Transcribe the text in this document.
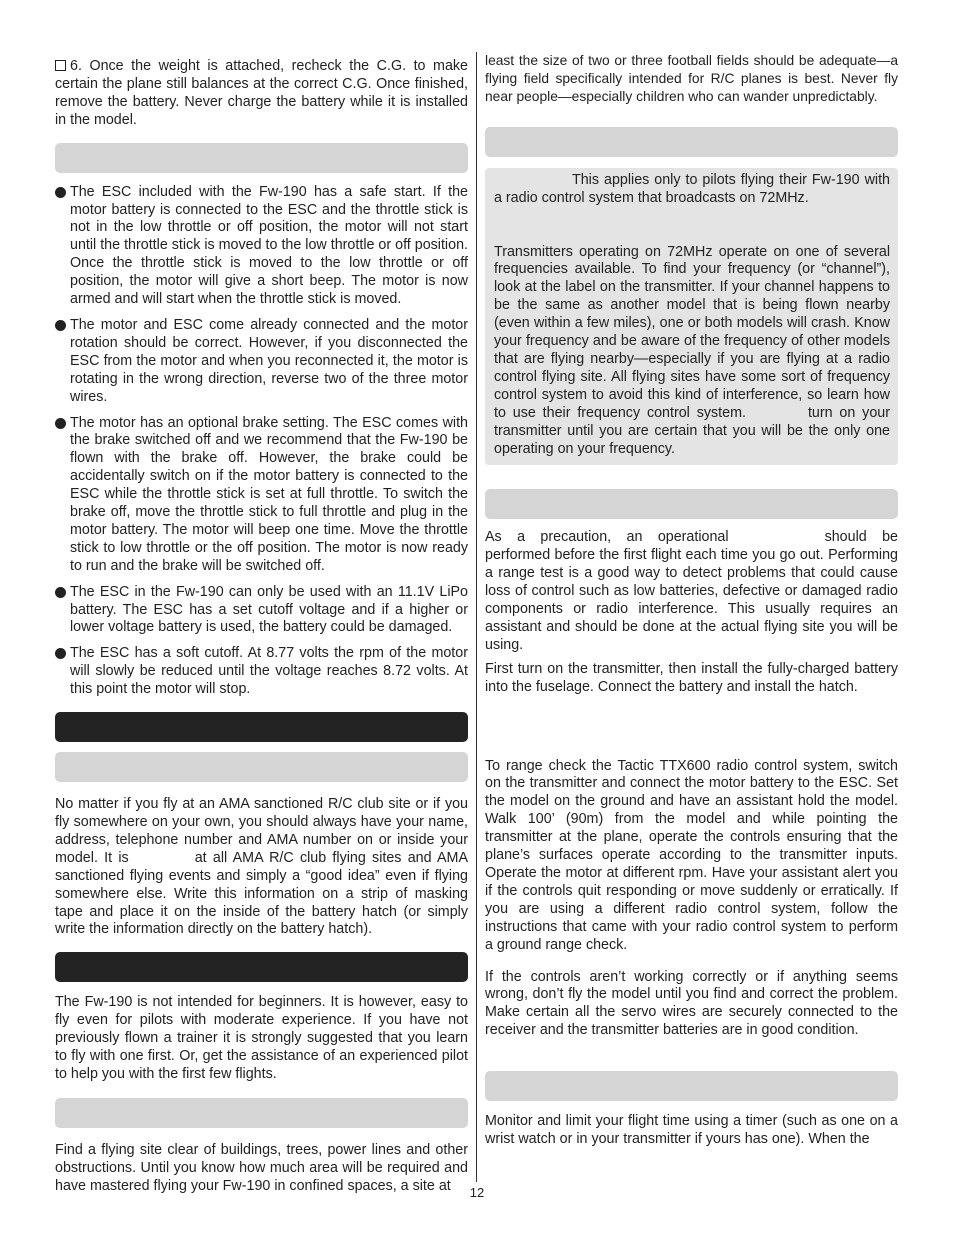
6. Once the weight is attached, recheck the C.G. to make certain the plane still balances at the correct C.G. Once finished, remove the battery. Never charge the battery while it is installed in the model.

The ESC included with the Fw-190 has a safe start. If the motor battery is connected to the ESC and the throttle stick is not in the low throttle or off position, the motor will not start until the throttle stick is moved to the low throttle or off position. Once the throttle stick is moved to the low throttle or off position, the motor will give a short beep. The motor is now armed and will start when the throttle stick is moved.

The motor and ESC come already connected and the motor rotation should be correct. However, if you disconnected the ESC from the motor and when you reconnected it, the motor is rotating in the wrong direction, reverse two of the three motor wires.

The motor has an optional brake setting. The ESC comes with the brake switched off and we recommend that the Fw-190 be flown with the brake off. However, the brake could be accidentally switch on if the motor battery is connected to the ESC while the throttle stick is set at full throttle. To switch the brake off, move the throttle stick to full throttle and plug in the motor battery. The motor will beep one time. Move the throttle stick to low throttle or the off position. The motor is now ready to run and the brake will be switched off.

The ESC in the Fw-190 can only be used with an 11.1V LiPo battery. The ESC has a set cutoff voltage and if a higher or lower voltage battery is used, the battery could be damaged.

The ESC has a soft cutoff. At 8.77 volts the rpm of the motor will slowly be reduced until the voltage reaches 8.72 volts. At this point the motor will stop.

No matter if you fly at an AMA sanctioned R/C club site or if you fly somewhere on your own, you should always have your name, address, telephone number and AMA number on or inside your model. It is	at all AMA R/C club flying sites and AMA sanctioned flying events and simply a “good idea” even if flying somewhere else. Write this information on a strip of masking tape and place it on the inside of the battery hatch (or simply write the information directly on the battery hatch).

The Fw-190 is not intended for beginners. It is however, easy to fly even for pilots with moderate experience. If you have not previously flown a trainer it is strongly suggested that you learn to fly with one first. Or, get the assistance of an experienced pilot to help you with the first few flights.

Find a flying site clear of buildings, trees, power lines and other obstructions. Until you know how much area will be required and have mastered flying your Fw-190 in confined spaces, a site at

least the size of two or three football fields should be adequate—a flying field specifically intended for R/C planes is best. Never fly near people—especially children who can wander unpredictably.

This applies only to pilots flying their Fw-190 with a radio control system that broadcasts on 72MHz.

Transmitters operating on 72MHz operate on one of several frequencies available. To find your frequency (or “channel”), look at the label on the transmitter. If your channel happens to be the same as another model that is being flown nearby (even within a few miles), one or both models will crash. Know your frequency and be aware of the frequency of other models that are flying nearby—especially if you are flying at a radio control flying site. All flying sites have some sort of frequency control system to avoid this kind of interference, so learn how to use their frequency control system.	turn on your transmitter until you are certain that you will be the only one operating on your frequency.

As a precaution, an operational	should be performed before the first flight each time you go out. Performing a range test is a good way to detect problems that could cause loss of control such as low batteries, defective or damaged radio components or radio interference. This usually requires an assistant and should be done at the actual flying site you will be using.

First turn on the transmitter, then install the fully-charged battery into the fuselage. Connect the battery and install the hatch.

To range check the Tactic TTX600 radio control system, switch on the transmitter and connect the motor battery to the ESC. Set the model on the ground and have an assistant hold the model. Walk 100’ (90m) from the model and while pointing the transmitter at the plane, operate the controls ensuring that the plane’s surfaces operate according to the transmitter inputs. Operate the motor at different rpm. Have your assistant alert you if the controls quit responding or move suddenly or erratically. If you are using a different radio control system, follow the instructions that came with your radio control system to perform a ground range check.

If the controls aren’t working correctly or if anything seems wrong, don’t fly the model until you find and correct the problem. Make certain all the servo wires are securely connected to the receiver and the transmitter batteries are in good condition.

Monitor and limit your flight time using a timer (such as one on a wrist watch or in your transmitter if yours has one). When the

12
